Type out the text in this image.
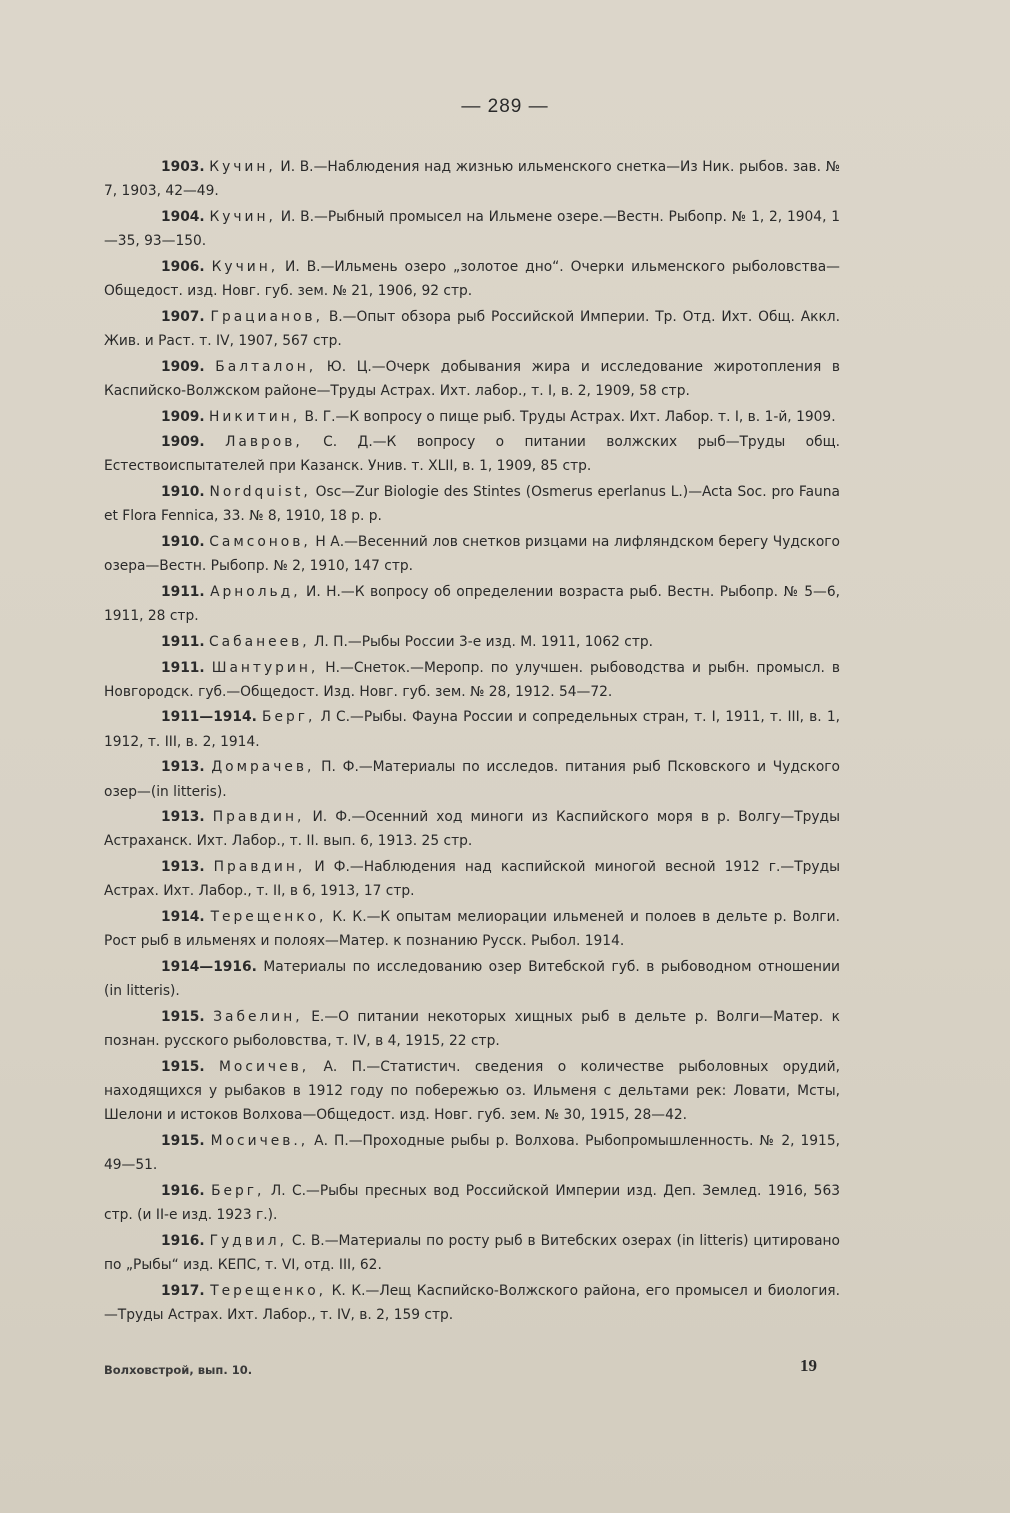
— 289 —

1903. Кучин, И. В.—Наблюдения над жизнью ильменского снетка—Из Ник. рыбов. зав. № 7, 1903, 42—49.

1904. Кучин, И. В.—Рыбный промысел на Ильмене озере.—Вестн. Рыбопр. № 1, 2, 1904, 1—35, 93—150.

1906. Кучин, И. В.—Ильмень озеро „золотое дно“. Очерки ильменского рыболовства—Общедост. изд. Новг. губ. зем. № 21, 1906, 92 стр.

1907. Грацианов, В.—Опыт обзора рыб Российской Империи. Тр. Отд. Ихт. Общ. Аккл. Жив. и Раст. т. IV, 1907, 567 стр.

1909. Балталон, Ю. Ц.—Очерк добывания жира и исследование жиротопления в Каспийско-Волжском районе—Труды Астрах. Ихт. лабор., т. I, в. 2, 1909, 58 стр.

1909. Никитин, В. Г.—К вопросу о пище рыб. Труды Астрах. Ихт. Лабор. т. I, в. 1-й, 1909.

1909. Лавров, С. Д.—К вопросу о питании волжских рыб—Труды общ. Естествоиспытателей при Казанск. Унив. т. XLII, в. 1, 1909, 85 стр.

1910. Nordquist, Osc—Zur Biologie des Stintes (Osmerus eperlanus L.)—Acta Soc. pro Fauna et Flora Fennica, 33. № 8, 1910, 18 p. p.

1910. Самсонов, Н А.—Весенний лов снетков ризцами на лифляндском берегу Чудского озера—Вестн. Рыбопр. № 2, 1910, 147 стр.

1911. Арнольд, И. Н.—К вопросу об определении возраста рыб. Вестн. Рыбопр. № 5—6, 1911, 28 стр.

1911. Сабанеев, Л. П.—Рыбы России 3-е изд. М. 1911, 1062 стр.

1911. Шантурин, Н.—Снеток.—Меропр. по улучшен. рыбоводства и рыбн. промысл. в Новгородск. губ.—Общедост. Изд. Новг. губ. зем. № 28, 1912. 54—72.

1911—1914. Берг, Л С.—Рыбы. Фауна России и сопредельных стран, т. I, 1911, т. III, в. 1, 1912, т. III, в. 2, 1914.

1913. Домрачев, П. Ф.—Материалы по исследов. питания рыб Псковского и Чудского озер—(in litteris).

1913. Правдин, И. Ф.—Осенний ход миноги из Каспийского моря в р. Волгу—Труды Астраханск. Ихт. Лабор., т. II. вып. 6, 1913. 25 стр.

1913. Правдин, И Ф.—Наблюдения над каспийской миногой весной 1912 г.—Труды Астрах. Ихт. Лабор., т. II, в 6, 1913, 17 стр.

1914. Терещенко, К. К.—К опытам мелиорации ильменей и полоев в дельте р. Волги. Рост рыб в ильменях и полоях—Матер. к познанию Русск. Рыбол. 1914.

1914—1916. Материалы по исследованию озер Витебской губ. в рыбоводном отношении (in litteris).

1915. Забелин, Е.—О питании некоторых хищных рыб в дельте р. Волги—Матер. к познан. русского рыболовства, т. IV, в 4, 1915, 22 стр.

1915. Мосичев, А. П.—Статистич. сведения о количестве рыболовных орудий, находящихся у рыбаков в 1912 году по побережью оз. Ильменя с дельтами рек: Ловати, Мсты, Шелони и истоков Волхова—Общедост. изд. Новг. губ. зем. № 30, 1915, 28—42.

1915. Мосичев., А. П.—Проходные рыбы р. Волхова. Рыбопромышленность. № 2, 1915, 49—51.

1916. Берг, Л. С.—Рыбы пресных вод Российской Империи изд. Деп. Землед. 1916, 563 стр. (и II-е изд. 1923 г.).

1916. Гудвил, С. В.—Материалы по росту рыб в Витебских озерах (in litteris) цитировано по „Рыбы“ изд. КЕПС, т. VI, отд. III, 62.

1917. Терещенко, К. К.—Лещ Каспийско-Волжского района, его промысел и биология.—Труды Астрах. Ихт. Лабор., т. IV, в. 2, 159 стр.

Волховстрой, вып. 10.	19
